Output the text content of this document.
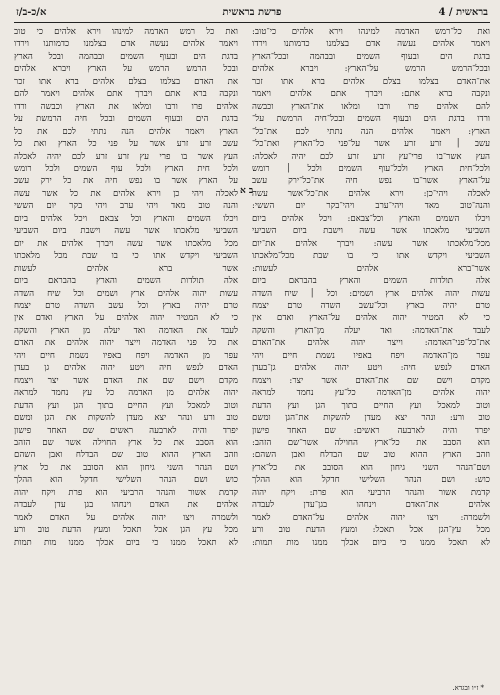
בראשית / 4
פרשת בראשית
א/כ-ב/ז
ואת כל־רמש האדמה למינהו וירא אלהים כי־טוב:
ויאמר אלהים נעשה אדם בצלמנו כדמותנו וירדו
בדגת הים ובעוף השמים ובבהמה ובכל־הארץ
ובכל־הרמש הרמש על־הארץ: ויברא אלהים
את־האדם בצלמו בצלם אלהים ברא אתו זכר
ונקבה ברא אתם: ויברך אתם אלהים ויאמר
להם אלהים פרו ורבו ומלאו את־הארץ וכבשה
ורדו בדגת הים ובעוף השמים ובכל־חיה הרמשת על־
הארץ: ויאמר אלהים הנה נתתי לכם את־כל־
עשב ׀ זרע זרע אשר על־פני כל־הארץ ואת־כל־
העץ אשר־בו פרי־עץ זרע זרע לכם יהיה לאכלה:
ולכל־חית הארץ ולכל־עוף השמים ולכל ׀ רומש
על־הארץ אשר־בו נפש חיה את־כל־ירק עשב
לאכלה ויהי־כן: וירא אלהים את־כל־אשר עשה
והנה־טוב מאד ויהי־ערב ויהי־בקר יום הששי:
ויכלו השמים והארץ וכל־צבאם: ויכל אלהים ביום
השביעי מלאכתו אשר עשה וישבת ביום השביעי
מכל־מלאכתו אשר עשה: ויברך אלהים את־יום
השביעי ויקדש אתו כי בו שבת מכל־מלאכתו
אשר־ברא אלהים לעשות:
אלה תולדות השמים והארץ בהבראם ביום
עשות יהוה אלהים ארץ ושמים: וכל ׀ שיח השדה
טרם יהיה בארץ וכל־עשב השדה טרם יצמח
כי לא המטיר יהוה אלהים על־הארץ ואדם אין
לעבד את־האדמה: ואד יעלה מן־הארץ והשקה
את־כל־פני־האדמה: וייצר יהוה אלהים את־האדם
עפר מן־האדמה ויפח באפיו נשמת חיים ויהי
האדם לנפש חיה: ויטע יהוה אלהים גן־בעדן
מקדם וישם שם את־האדם אשר יצר: ויצמח
יהוה אלהים מן־האדמה כל־עץ נחמד למראה
וטוב למאכל ועץ החיים בתוך הגן ועץ הדעת
טוב ורע: ונהר יצא מעדן להשקות את־הגן ומשם
יפרד והיה לארבעה ראשים: שם האחד פישון
הוא הסבב את כל־ארץ החוילה אשר־שם הזהב:
וזהב הארץ ההוא טוב שם הבדלח ואבן השהם:
ושם־הנהר השני גיחון הוא הסובב את כל־ארץ
כוש: ושם הנהר השלישי חדקל הוא ההלך
קדמת אשור והנהר הרביעי הוא פרת: ויקח יהוה
אלהים את־האדם וינחהו בגן־עדן לעבדה
ולשמרה: ויצו יהוה אלהים על־האדם לאמר
מכל עץ־הגן אכל תאכל: ומעץ הדעת טוב ורע
לא תאכל ממנו כי ביום אכלך ממנו מות תמות:
ואת כל רמש האדמה למינהו וירא אלהים כי טוב
ויאמר אלהים נעשה אדם בצלמנו כדמותנו וירדו
בדגת הים ובעוף השמים ובבהמה ובכל הארץ
ובכל הרמש הרמש על הארץ ויברא אלהים
את האדם בצלמו בצלם אלהים ברא אתו זכר
ונקבה ברא אתם ויברך אתם אלהים ויאמר להם
אלהים פרו ורבו ומלאו את הארץ וכבשה ורדו
בדגת הים ובעוף השמים ובכל חיה הרמשת על
הארץ ויאמר אלהים הנה נתתי לכם את כל
עשב זרע זרע אשר על פני כל הארץ ואת כל
העץ אשר בו פרי עץ זרע זרע לכם יהיה לאכלה
ולכל חית הארץ ולכל עוף השמים ולכל רומש
על הארץ אשר בו נפש חיה את כל ירק עשב
לאכלה ויהי כן וירא אלהים את כל אשר עשה
והנה טוב מאד ויהי ערב ויהי בקר יום הששי
ויכלו השמים והארץ וכל צבאם ויכל אלהים ביום
השביעי מלאכתו אשר עשה וישבת ביום השביעי
מכל מלאכתו אשר עשה ויברך אלהים את יום
השביעי ויקדש אתו כי בו שבת מכל מלאכתו
אשר ברא אלהים לעשות
אלה תולדות השמים והארץ בהבראם ביום
עשות יהוה אלהים ארץ ושמים וכל שיח השדה
טרם יהיה בארץ וכל עשב השדה טרם יצמח
כי לא המטיר יהוה אלהים על הארץ ואדם אין
לעבד את האדמה ואד יעלה מן הארץ והשקה
את כל פני האדמה וייצר יהוה אלהים את האדם
עפר מן האדמה ויפח באפיו נשמת חיים ויהי
האדם לנפש חיה ויטע יהוה אלהים גן בעדן
מקדם וישם שם את האדם אשר יצר ויצמח
יהוה אלהים מן האדמה כל עץ נחמד למראה
וטוב למאכל ועץ החיים בתוך הגן ועץ הדעת
טוב ורע ונהר יצא מעדן להשקות את הגן ומשם
יפרד והיה לארבעה ראשים שם האחד פישון
הוא הסבב את כל ארץ החוילה אשר שם הזהב
וזהב הארץ ההוא טוב שם הבדלח ואבן השהם
ושם הנהר השני גיחון הוא הסובב את כל ארץ
כוש ושם הנהר השלישי חדקל הוא ההלך
קדמת אשור והנהר הרביעי הוא פרת ויקח יהוה
אלהים את האדם וינחהו בגן עדן לעבדה
ולשמרה ויצו יהוה אלהים על האדם לאמר
מכל עץ הגן אכל תאכל ומעץ הדעת טוב ורע
לא תאכל ממנו כי ביום אכלך ממנו מות תמות
ב א
* ז״ו ובגדא.
